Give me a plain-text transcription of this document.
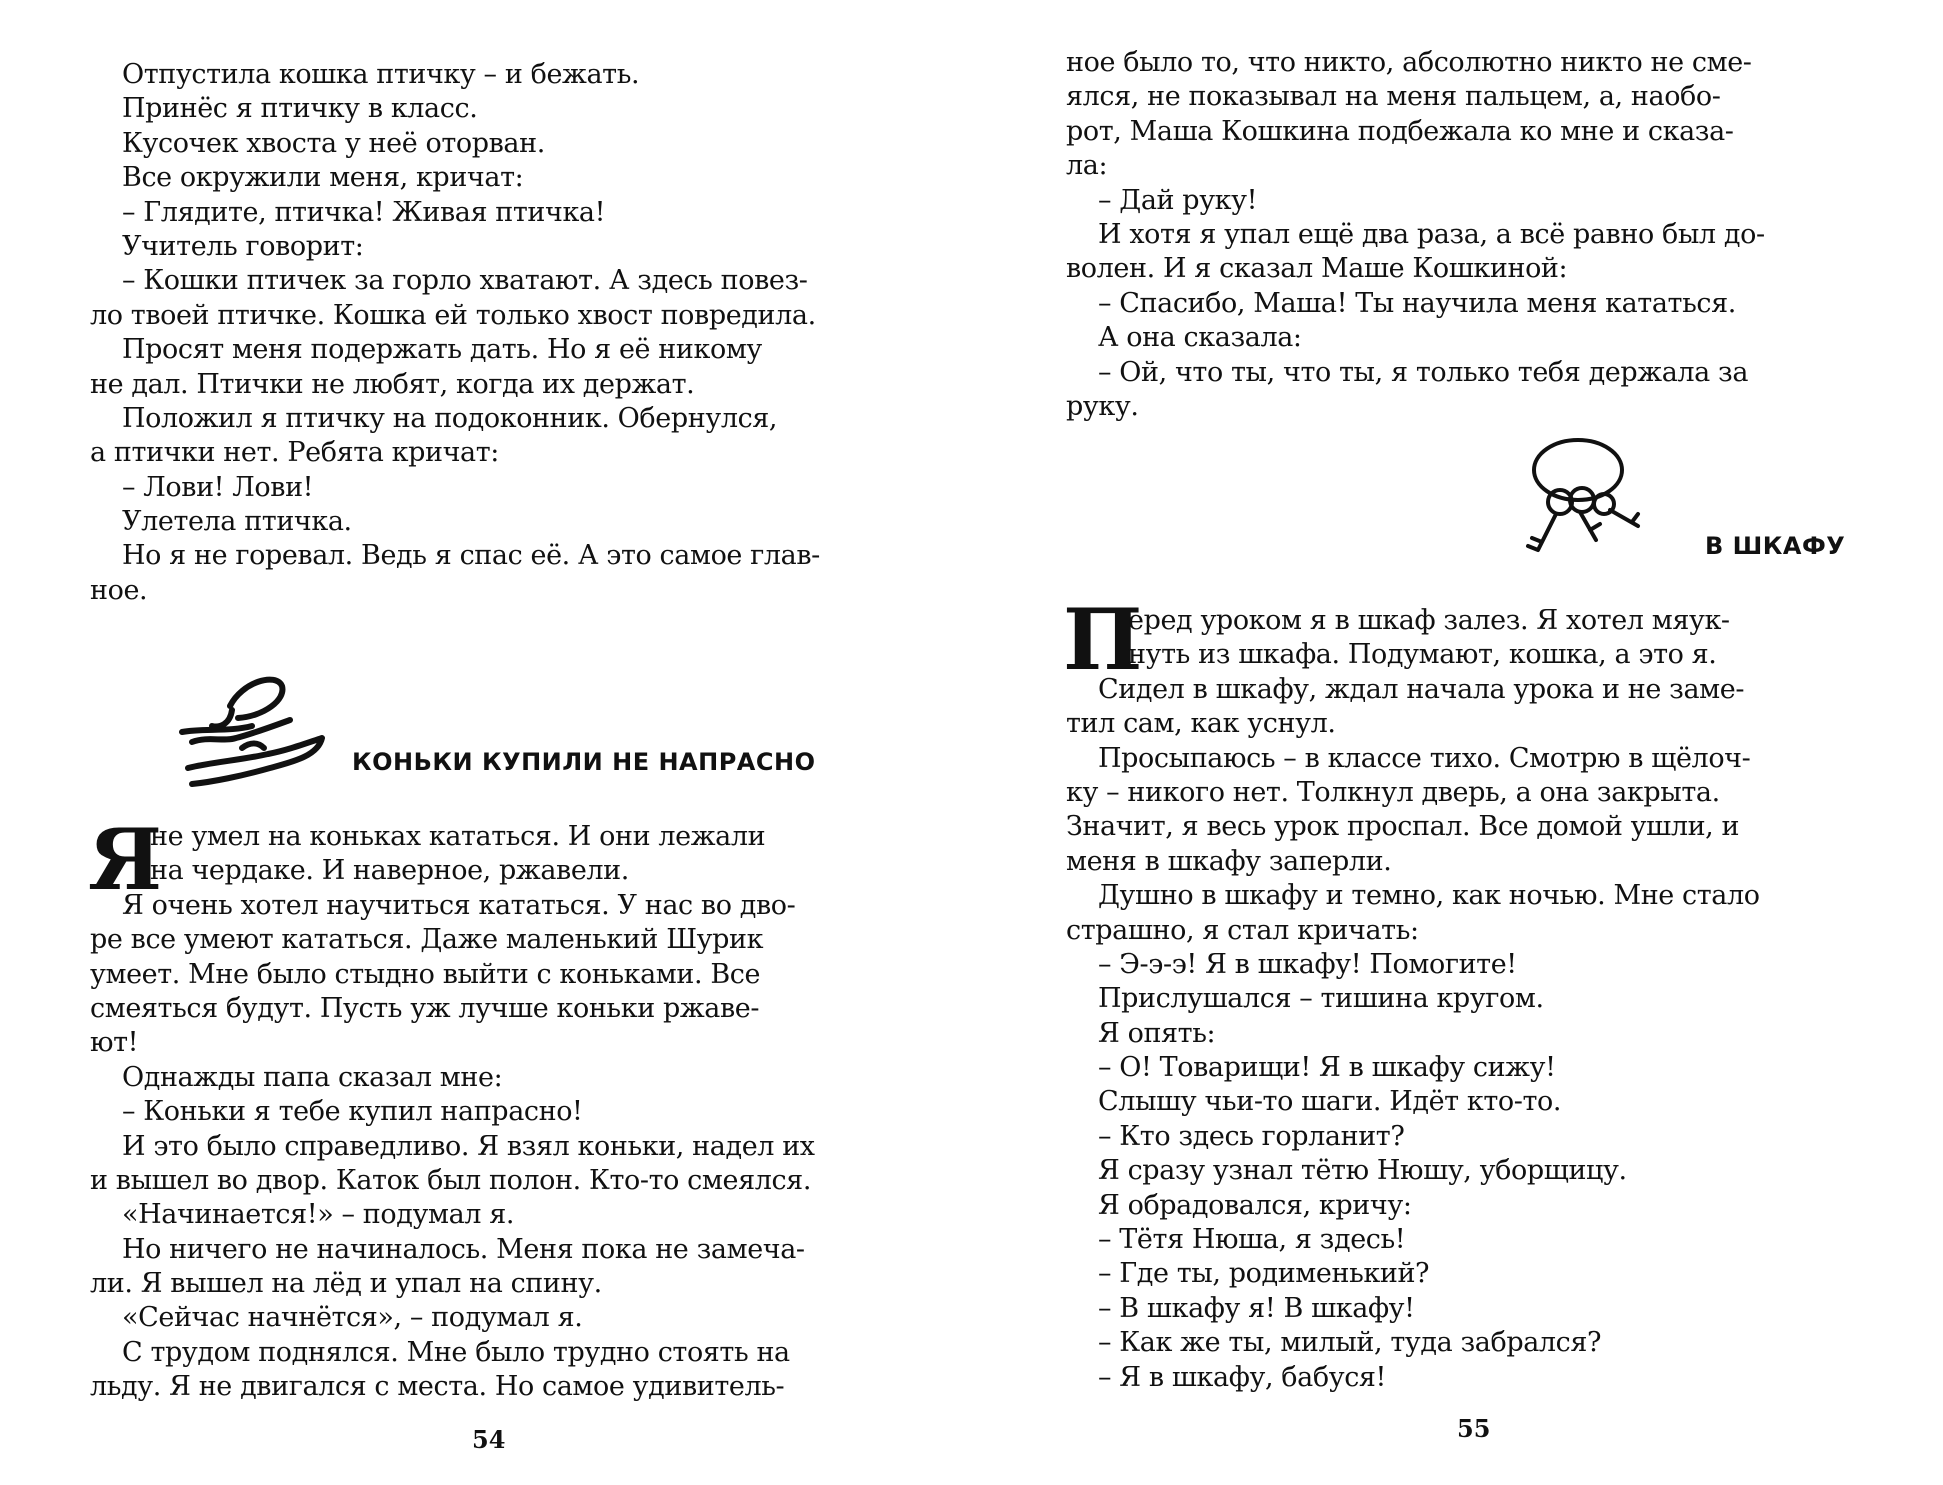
Отпустила кошка птичку – и бежать.
Принёс я птичку в класс.
Кусочек хвоста у неё оторван.
Все окружили меня, кричат:
– Глядите, птичка! Живая птичка!
Учитель говорит:
– Кошки птичек за горло хватают. А здесь повез-
ло твоей птичке. Кошка ей только хвост повредила.
Просят меня подержать дать. Но я её никому
не дал. Птички не любят, когда их держат.
Положил я птичку на подоконник. Обернулся,
а птички нет. Ребята кричат:
– Лови! Лови!
Улетела птичка.
Но я не горевал. Ведь я спас её. А это самое глав-
ное.
КОНЬКИ КУПИЛИ НЕ НАПРАСНО
Я
не умел на коньках кататься. И они лежали
на чердаке. И наверное, ржавели.
Я очень хотел научиться кататься. У нас во дво-
ре все умеют кататься. Даже маленький Шурик
умеет. Мне было стыдно выйти с коньками. Все
смеяться будут. Пусть уж лучше коньки ржаве-
ют!
Однажды папа сказал мне:
– Коньки я тебе купил напрасно!
И это было справедливо. Я взял коньки, надел их
и вышел во двор. Каток был полон. Кто-то смеялся.
«Начинается!» – подумал я.
Но ничего не начиналось. Меня пока не замеча-
ли. Я вышел на лёд и упал на спину.
«Сейчас начнётся», – подумал я.
С трудом поднялся. Мне было трудно стоять на
льду. Я не двигался с места. Но самое удивитель-
54
ное было то, что никто, абсолютно никто не сме-
ялся, не показывал на меня пальцем, а, наобо-
рот, Маша Кошкина подбежала ко мне и сказа-
ла:
– Дай руку!
И хотя я упал ещё два раза, а всё равно был до-
волен. И я сказал Маше Кошкиной:
– Спасибо, Маша! Ты научила меня кататься.
А она сказала:
– Ой, что ты, что ты, я только тебя держала за
руку.
В ШКАФУ
П
еред уроком я в шкаф залез. Я хотел мяук-
нуть из шкафа. Подумают, кошка, а это я.
Сидел в шкафу, ждал начала урока и не заме-
тил сам, как уснул.
Просыпаюсь – в классе тихо. Смотрю в щёлоч-
ку – никого нет. Толкнул дверь, а она закрыта.
Значит, я весь урок проспал. Все домой ушли, и
меня в шкафу заперли.
Душно в шкафу и темно, как ночью. Мне стало
страшно, я стал кричать:
– Э-э-э! Я в шкафу! Помогите!
Прислушался – тишина кругом.
Я опять:
– О! Товарищи! Я в шкафу сижу!
Слышу чьи-то шаги. Идёт кто-то.
– Кто здесь горланит?
Я сразу узнал тётю Нюшу, уборщицу.
Я обрадовался, кричу:
– Тётя Нюша, я здесь!
– Где ты, родименький?
– В шкафу я! В шкафу!
– Как же ты, милый, туда забрался?
– Я в шкафу, бабуся!
55
